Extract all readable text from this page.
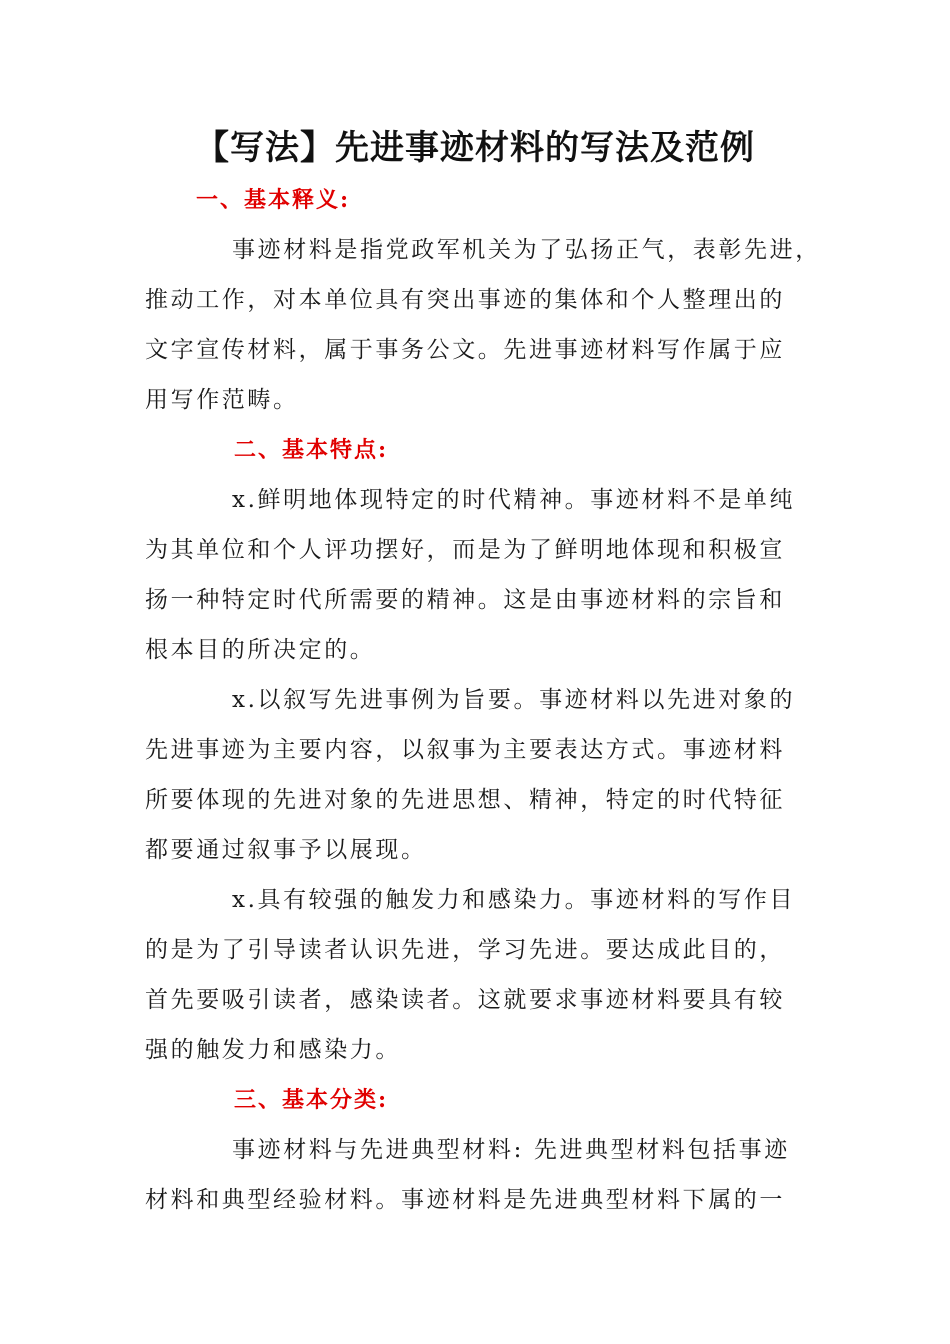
【写法】先进事迹材料的写法及范例
一、基本释义:
事迹材料是指党政军机关为了弘扬正气，表彰先进，
推动工作，对本单位具有突出事迹的集体和个人整理出的
文字宣传材料，属于事务公文。先进事迹材料写作属于应
用写作范畴。
二、基本特点:
x.鲜明地体现特定的时代精神。事迹材料不是单纯
为其单位和个人评功摆好，而是为了鲜明地体现和积极宣
扬一种特定时代所需要的精神。这是由事迹材料的宗旨和
根本目的所决定的。
x.以叙写先进事例为旨要。事迹材料以先进对象的
先进事迹为主要内容，以叙事为主要表达方式。事迹材料
所要体现的先进对象的先进思想、精神，特定的时代特征
都要通过叙事予以展现。
x.具有较强的触发力和感染力。事迹材料的写作目
的是为了引导读者认识先进，学习先进。要达成此目的，
首先要吸引读者，感染读者。这就要求事迹材料要具有较
强的触发力和感染力。
三、基本分类:
事迹材料与先进典型材料: 先进典型材料包括事迹
材料和典型经验材料。事迹材料是先进典型材料下属的一
